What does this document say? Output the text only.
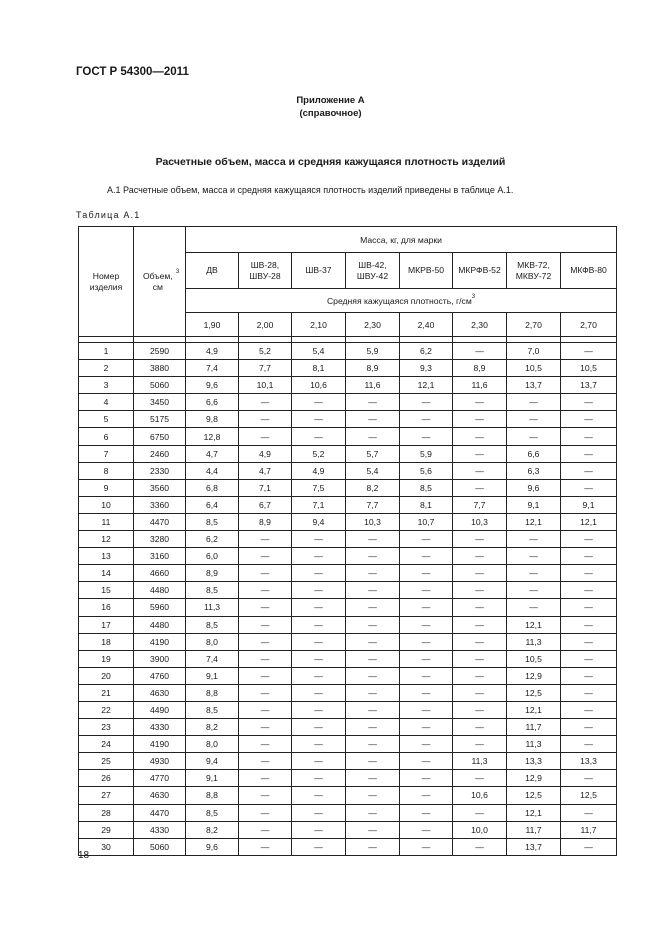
ГОСТ Р 54300—2011
Приложение А
(справочное)
Расчетные объем, масса и средняя кажущаяся плотность изделий
А.1 Расчетные объем, масса и средняя кажущаяся плотность изделий приведены в таблице А.1.
Таблица А.1
Номер изделия	Объем, $см^3$	Масса, кг, для марки							
		ДВ	ШВ-28, ШВУ-28	ШВ-37	ШВ-42, ШВУ-42	МКРВ-50	МКРФВ-52	МКВ-72, МКВУ-72	МКФВ-80
		Средняя кажущаяся плотность, $г/см^3$
		1,90	2,00	2,10	2,30	2,40	2,30	2,70	2,70

1	2590	4,9	5,2	5,4	5,9	6,2	—	7,0	—
2	3880	7,4	7,7	8,1	8,9	9,3	8,9	10,5	10,5
3	5060	9,6	10,1	10,6	11,6	12,1	11,6	13,7	13,7
4	3450	6,6	—	—	—	—	—	—	—
5	5175	9,8	—	—	—	—	—	—	—
6	6750	12,8	—	—	—	—	—	—	—
7	2460	4,7	4,9	5,2	5,7	5,9	—	6,6	—
8	2330	4,4	4,7	4,9	5,4	5,6	—	6,3	—
9	3560	6,8	7,1	7,5	8,2	8,5	—	9,6	—
10	3360	6,4	6,7	7,1	7,7	8,1	7,7	9,1	9,1
11	4470	8,5	8,9	9,4	10,3	10,7	10,3	12,1	12,1
12	3280	6,2	—	—	—	—	—	—	—
13	3160	6,0	—	—	—	—	—	—	—
14	4660	8,9	—	—	—	—	—	—	—
15	4480	8,5	—	—	—	—	—	—	—
16	5960	11,3	—	—	—	—	—	—	—
17	4480	8,5	—	—	—	—	—	12,1	—
18	4190	8,0	—	—	—	—	—	11,3	—
19	3900	7,4	—	—	—	—	—	10,5	—
20	4760	9,1	—	—	—	—	—	12,9	—
21	4630	8,8	—	—	—	—	—	12,5	—
22	4490	8,5	—	—	—	—	—	12,1	—
23	4330	8,2	—	—	—	—	—	11,7	—
24	4190	8,0	—	—	—	—	—	11,3	—
25	4930	9,4	—	—	—	—	11,3	13,3	13,3
26	4770	9,1	—	—	—	—	—	12,9	—
27	4630	8,8	—	—	—	—	10,6	12,5	12,5
28	4470	8,5	—	—	—	—	—	12,1	—
29	4330	8,2	—	—	—	—	10,0	11,7	11,7
30	5060	9,6	—	—	—	—	—	13,7	—
18
